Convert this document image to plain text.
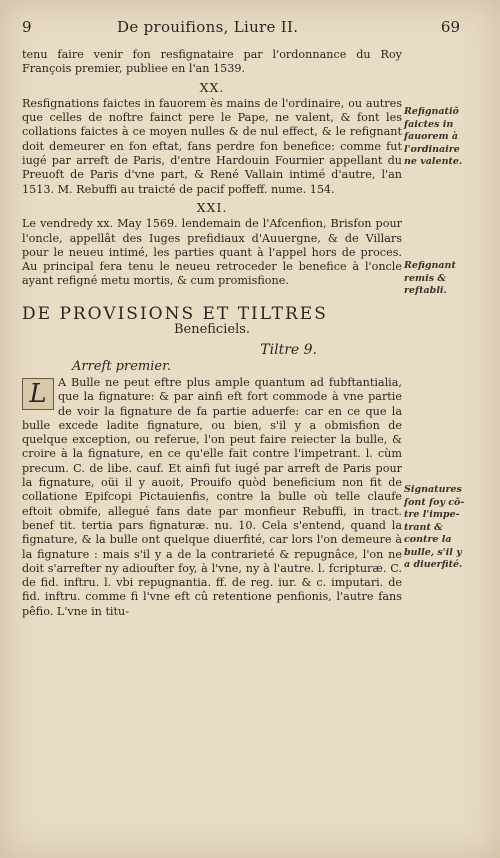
9	De prouifions, Liure II.	69

tenu faire venir fon resfignataire par l'ordonnance du Roy François premier, publiee en l'an 1539.

XX.

Resfignations faictes in fauorem ès mains de l'ordinaire, ou autres que celles de noftre fainct pere le Pape, ne valent, & font les collations faictes à ce moyen nulles & de nul effect, & le refignant doit demeurer en fon eftat, fans perdre fon benefice: comme fut iugé par arreft de Paris, d'entre Hardouin Fournier appellant du Preuoft de Paris d'vne part, & René Vallain intimé d'autre, l'an 1513. M. Rebuffi au traicté de pacif poffeff. nume. 154.

XXI.

Le vendredy xx. May 1569. lendemain de l'Afcenfion, Brisfon pour l'oncle, appellât des Iuges prefidiaux d'Auuergne, & de Villars pour le neueu intimé, les parties quant à l'appel hors de proces. Au principal fera tenu le neueu retroceder le benefice à l'oncle ayant refigné metu mortis, & cum promisfione.

DE PROVISIONS ET TILTRES
Beneficiels.
Tiltre 9.
Arreft premier.

L	A Bulle ne peut eftre plus ample quantum ad fubftantialia, que la fignature: & par ainfi eft fort commode à vne partie de voir la fignature de fa partie aduerfe: car en ce que la bulle excede ladite fignature, ou bien, s'il y a obmisfion de quelque exception, ou referue, l'on peut faire reiecter la bulle, & croire à la fignature, en ce qu'elle fait contre l'impetrant. l. cùm precum. C. de libe. cauf. Et ainfi fut iugé par arreft de Paris pour la fignature, oüi il y auoit, Prouifo quòd beneficium non fit de collatione Epifcopi Pictauienfis, contre la bulle où telle claufe eftoit obmife, allegué fans date par monfieur Rebuffi, in tract. benef tit. tertia pars fignaturæ. nu. 10. Cela s'entend, quand la fignature, & la bulle ont quelque diuerfité, car lors l'on demeure à la fignature : mais s'il y a de la contrarieté & repugnâce, l'on ne doit s'arrefter ny adioufter foy, à l'vne, ny à l'autre. l. fcripturæ. C. de fid. inftru. l. vbi repugnantia. ff. de reg. iur. & c. imputari. de fid. inftru. comme fi l'vne eft cû retentione penfionis, l'autre fans pêfio. L'vne in titu-

Refignatiõ
faictes in
fauorem à
l'ordinaire
ne valente.
Refignant
remis &
reftabli.
Signatures
font foy cõ-
tre l'impe-
trant &
contre la
bulle, s'il y
a diuerfité.
